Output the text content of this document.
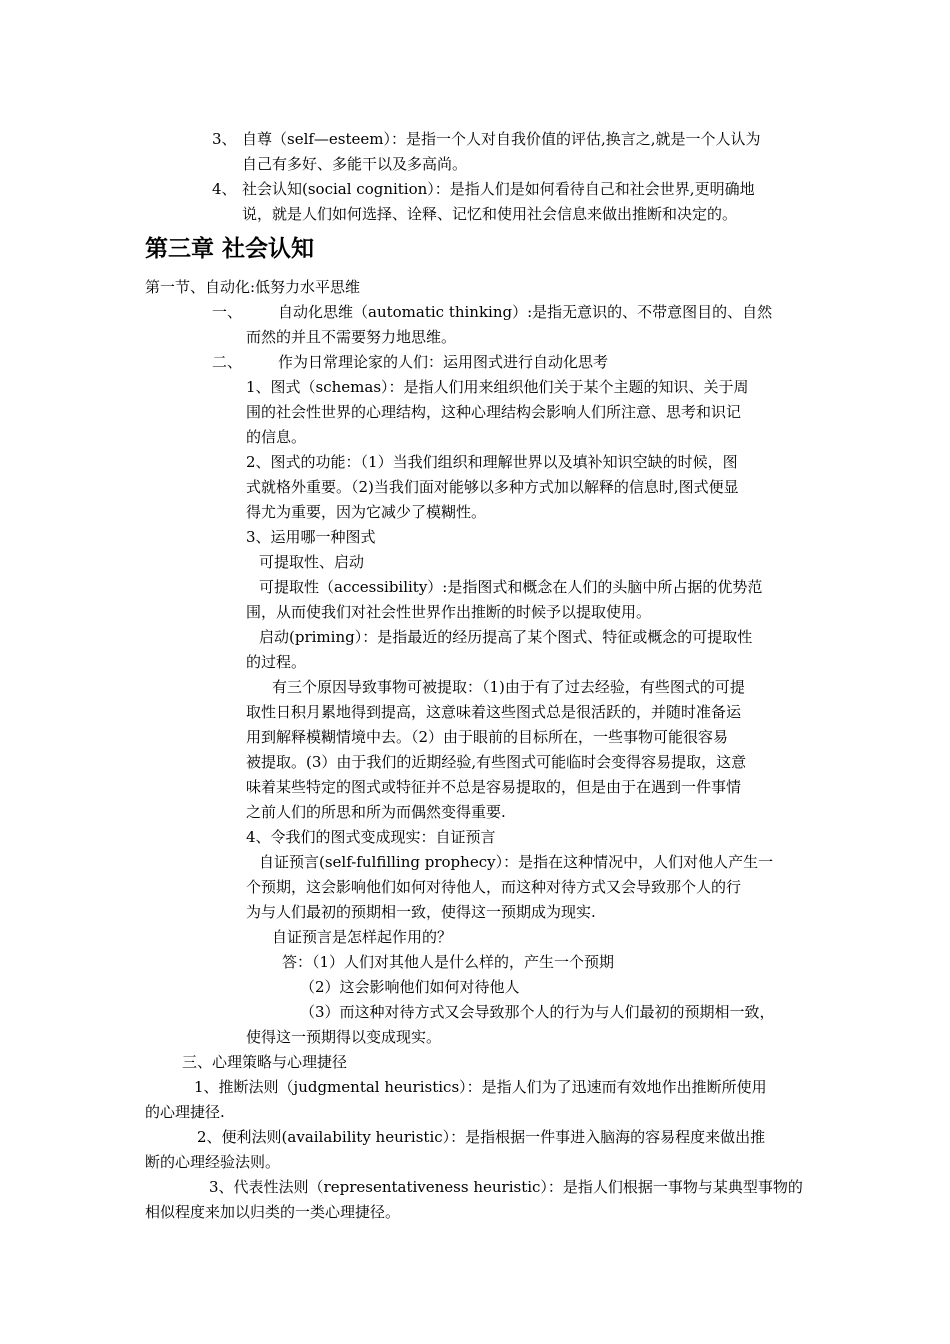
3、 自尊（self—esteem）：是指一个人对自我价值的评估,换言之,就是一个人认为
自己有多好、多能干以及多高尚。
4、 社会认知(social cognition）：是指人们是如何看待自己和社会世界,更明确地
说，就是人们如何选择、诠释、记忆和使用社会信息来做出推断和决定的。
第三章 社会认知
第一节、自动化:低努力水平思维
一、 自动化思维（automatic thinking）:是指无意识的、不带意图目的、自然
而然的并且不需要努力地思维。
二、 作为日常理论家的人们：运用图式进行自动化思考
1、图式（schemas）：是指人们用来组织他们关于某个主题的知识、关于周
围的社会性世界的心理结构，这种心理结构会影响人们所注意、思考和识记
的信息。
2、图式的功能：（1）当我们组织和理解世界以及填补知识空缺的时候，图
式就格外重要。（2)当我们面对能够以多种方式加以解释的信息时,图式便显
得尤为重要，因为它减少了模糊性。
3、运用哪一种图式
可提取性、启动
可提取性（accessibility）:是指图式和概念在人们的头脑中所占据的优势范
围，从而使我们对社会性世界作出推断的时候予以提取使用。
启动(priming）：是指最近的经历提高了某个图式、特征或概念的可提取性
的过程。
有三个原因导致事物可被提取：（1)由于有了过去经验，有些图式的可提
取性日积月累地得到提高，这意味着这些图式总是很活跃的，并随时准备运
用到解释模糊情境中去。（2）由于眼前的目标所在，一些事物可能很容易
被提取。(3）由于我们的近期经验,有些图式可能临时会变得容易提取，这意
味着某些特定的图式或特征并不总是容易提取的，但是由于在遇到一件事情
之前人们的所思和所为而偶然变得重要.
4、令我们的图式变成现实：自证预言
自证预言(self-fulfilling prophecy）：是指在这种情况中，人们对他人产生一
个预期，这会影响他们如何对待他人，而这种对待方式又会导致那个人的行
为与人们最初的预期相一致，使得这一预期成为现实.
自证预言是怎样起作用的？
答：（1）人们对其他人是什么样的，产生一个预期
（2）这会影响他们如何对待他人
（3）而这种对待方式又会导致那个人的行为与人们最初的预期相一致，
使得这一预期得以变成现实。
三、心理策略与心理捷径
1、推断法则（judgmental heuristics）：是指人们为了迅速而有效地作出推断所使用
的心理捷径.
2、便利法则(availability heuristic）：是指根据一件事进入脑海的容易程度来做出推
断的心理经验法则。
3、代表性法则（representativeness heuristic）：是指人们根据一事物与某典型事物的
相似程度来加以归类的一类心理捷径。
